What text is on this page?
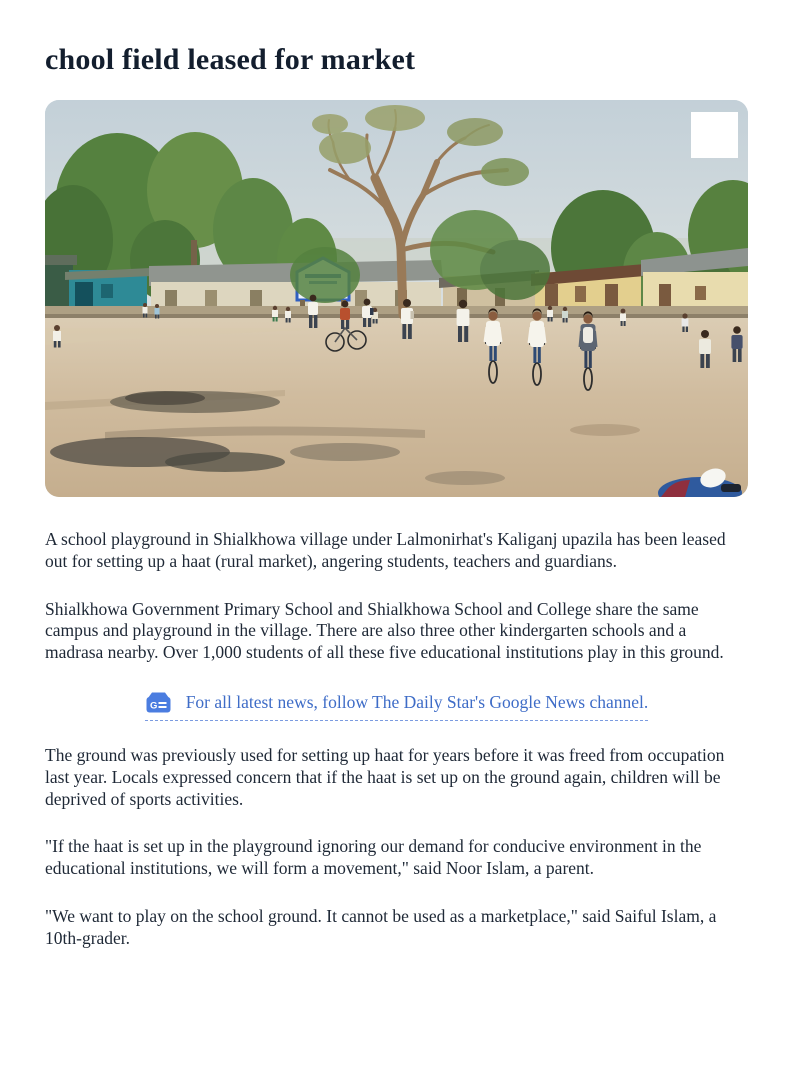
chool field leased for market

A school playground in Shialkhowa village under Lalmonirhat's Kaliganj upazila has been leased out for setting up a haat (rural market), angering students, teachers and guardians.

Shialkhowa Government Primary School and Shialkhowa School and College share the same campus and playground in the village. There are also three other kindergarten schools and a madrasa nearby. Over 1,000 students of all these five educational institutions play in this ground.

G For all latest news, follow The Daily Star's Google News channel.

The ground was previously used for setting up haat for years before it was freed from occupation last year. Locals expressed concern that if the haat is set up on the ground again, children will be deprived of sports activities.

"If the haat is set up in the playground ignoring our demand for conducive environment in the educational institutions, we will form a movement," said Noor Islam, a parent.

"We want to play on the school ground. It cannot be used as a marketplace," said Saiful Islam, a 10th-grader.
